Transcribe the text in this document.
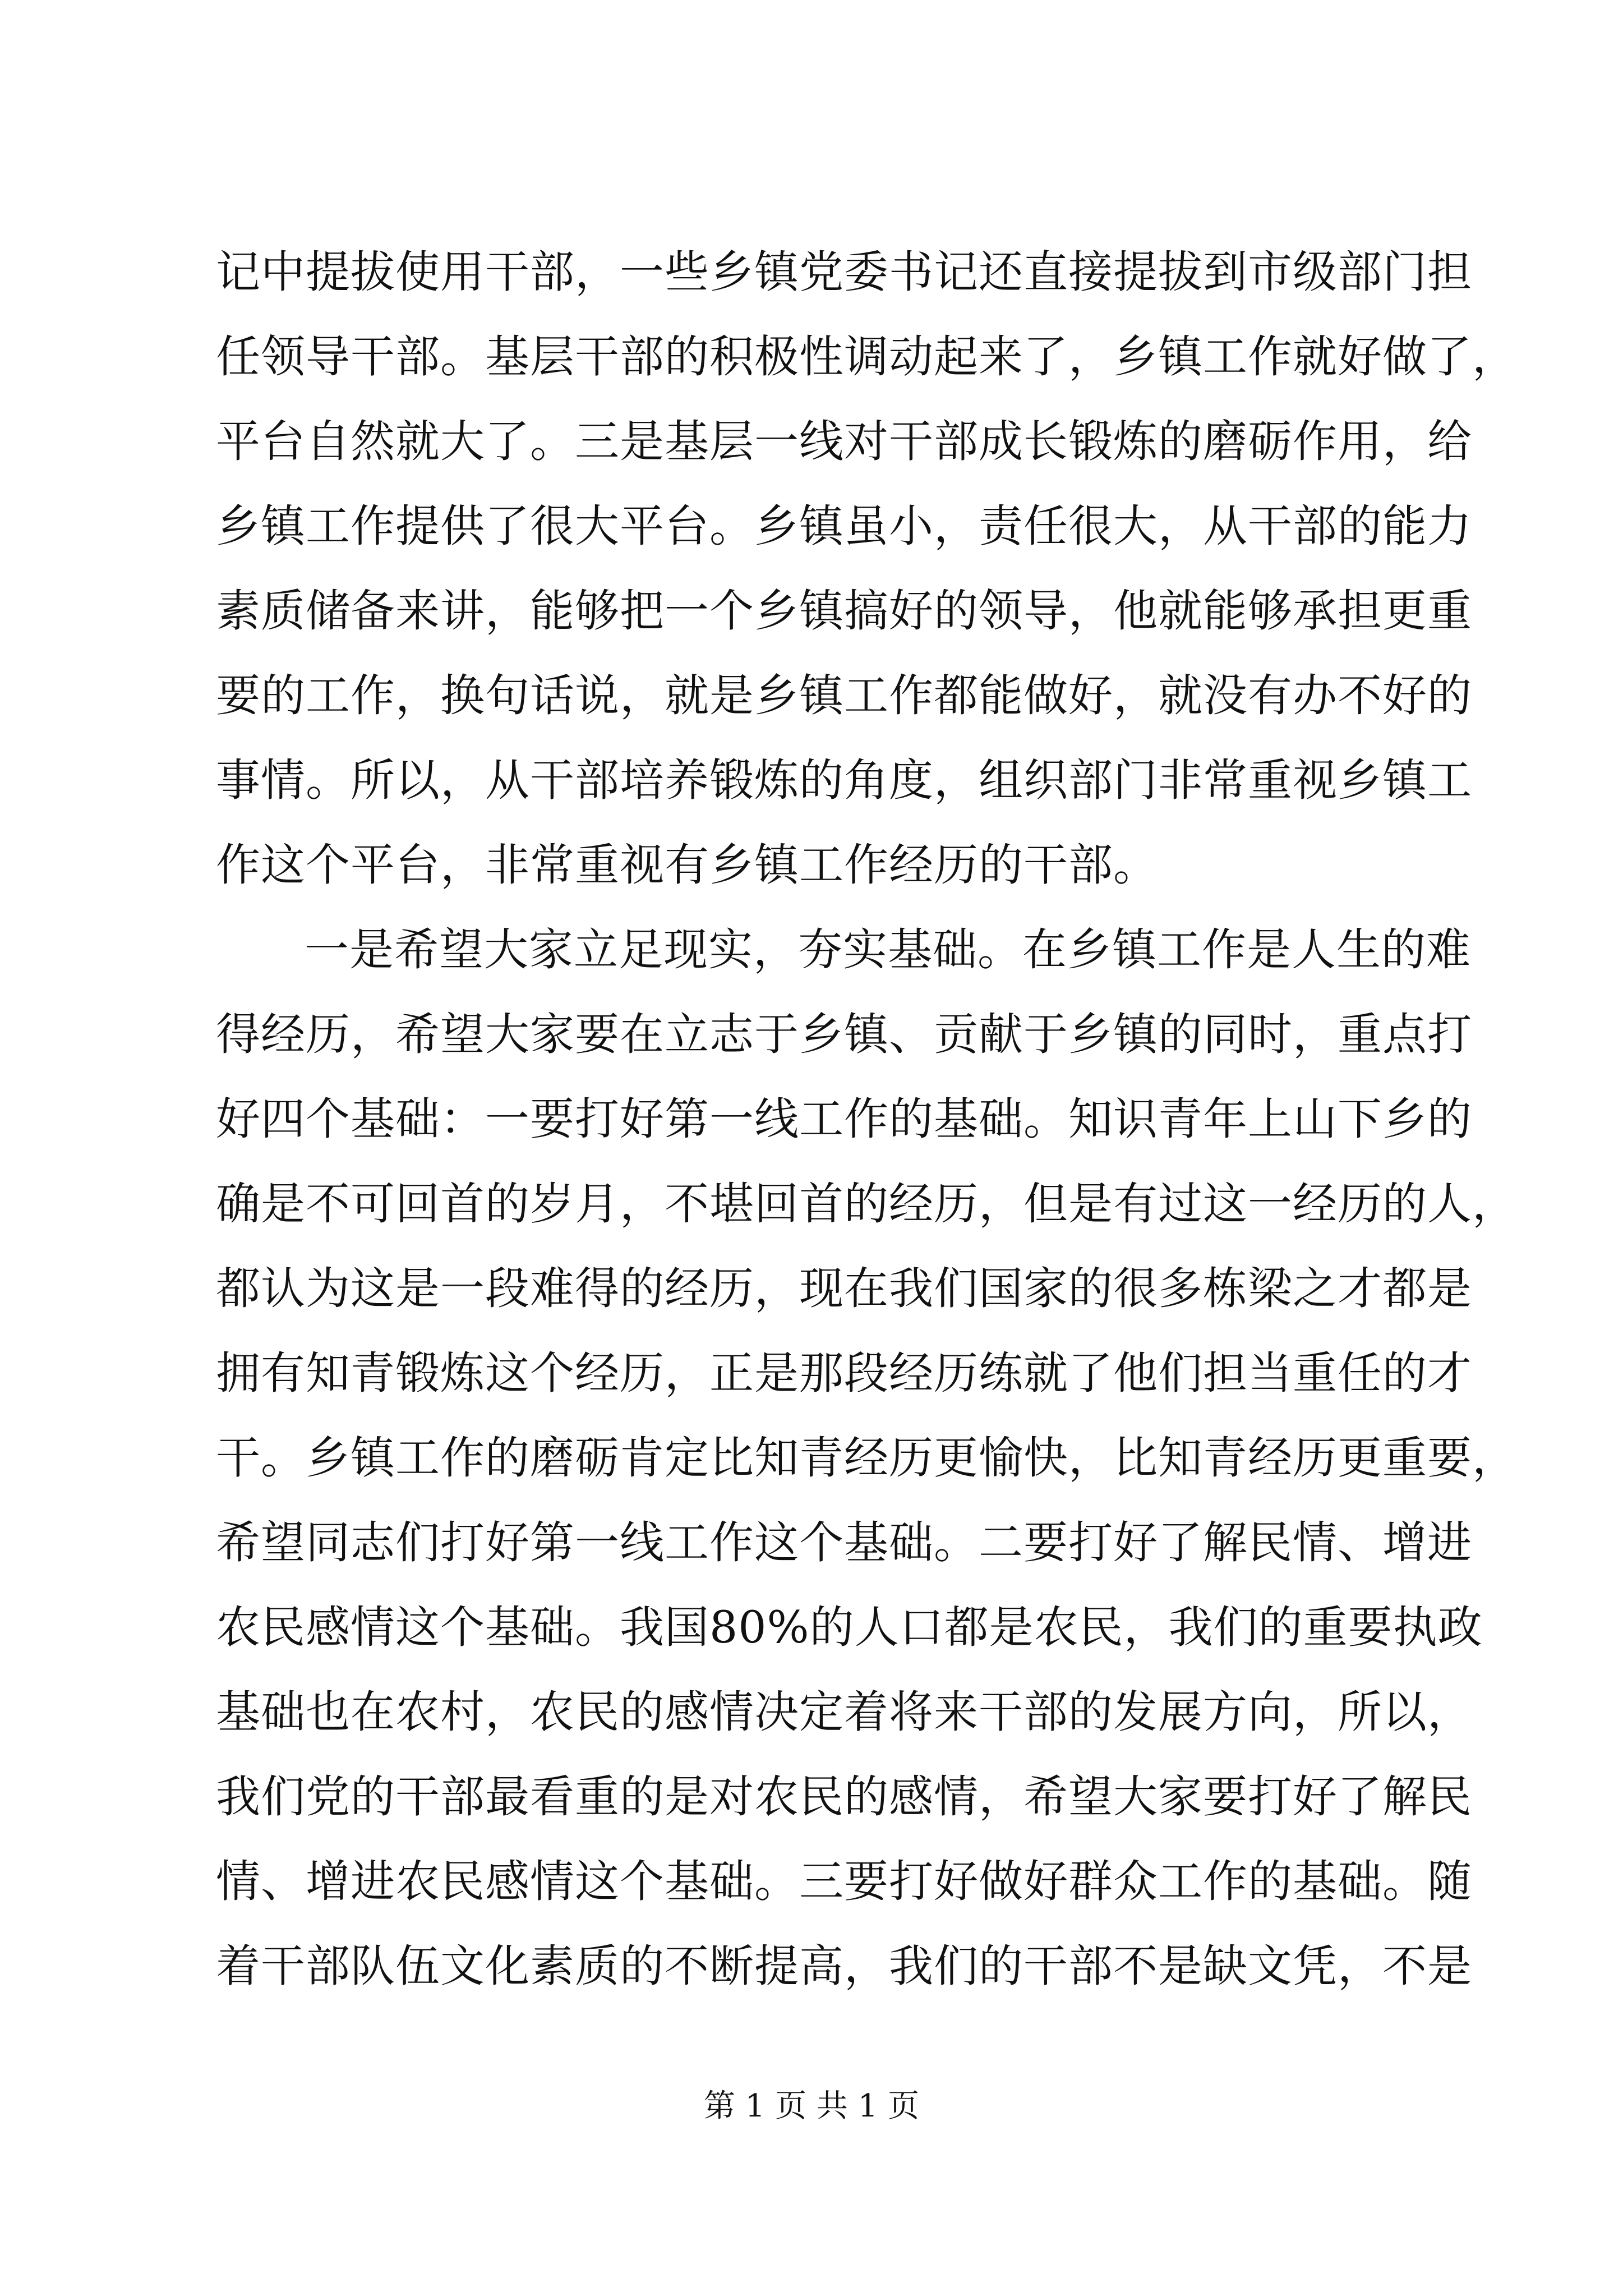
记中提拔使用干部，一些乡镇党委书记还直接提拔到市级部门担
任领导干部。基层干部的积极性调动起来了，乡镇工作就好做了，
平台自然就大了。三是基层一线对干部成长锻炼的磨砺作用，给
乡镇工作提供了很大平台。乡镇虽小，责任很大，从干部的能力
素质储备来讲，能够把一个乡镇搞好的领导，他就能够承担更重
要的工作，换句话说，就是乡镇工作都能做好，就没有办不好的
事情。所以，从干部培养锻炼的角度，组织部门非常重视乡镇工
作这个平台，非常重视有乡镇工作经历的干部。
一是希望大家立足现实，夯实基础。在乡镇工作是人生的难
得经历，希望大家要在立志于乡镇、贡献于乡镇的同时，重点打
好四个基础：一要打好第一线工作的基础。知识青年上山下乡的
确是不可回首的岁月，不堪回首的经历，但是有过这一经历的人，
都认为这是一段难得的经历，现在我们国家的很多栋梁之才都是
拥有知青锻炼这个经历，正是那段经历练就了他们担当重任的才
干。乡镇工作的磨砺肯定比知青经历更愉快，比知青经历更重要，
希望同志们打好第一线工作这个基础。二要打好了解民情、增进
农民感情这个基础。我国80%的人口都是农民，我们的重要执政
基础也在农村，农民的感情决定着将来干部的发展方向，所以，
我们党的干部最看重的是对农民的感情，希望大家要打好了解民
情、增进农民感情这个基础。三要打好做好群众工作的基础。随
着干部队伍文化素质的不断提高，我们的干部不是缺文凭，不是
第 1 页 共 1 页
